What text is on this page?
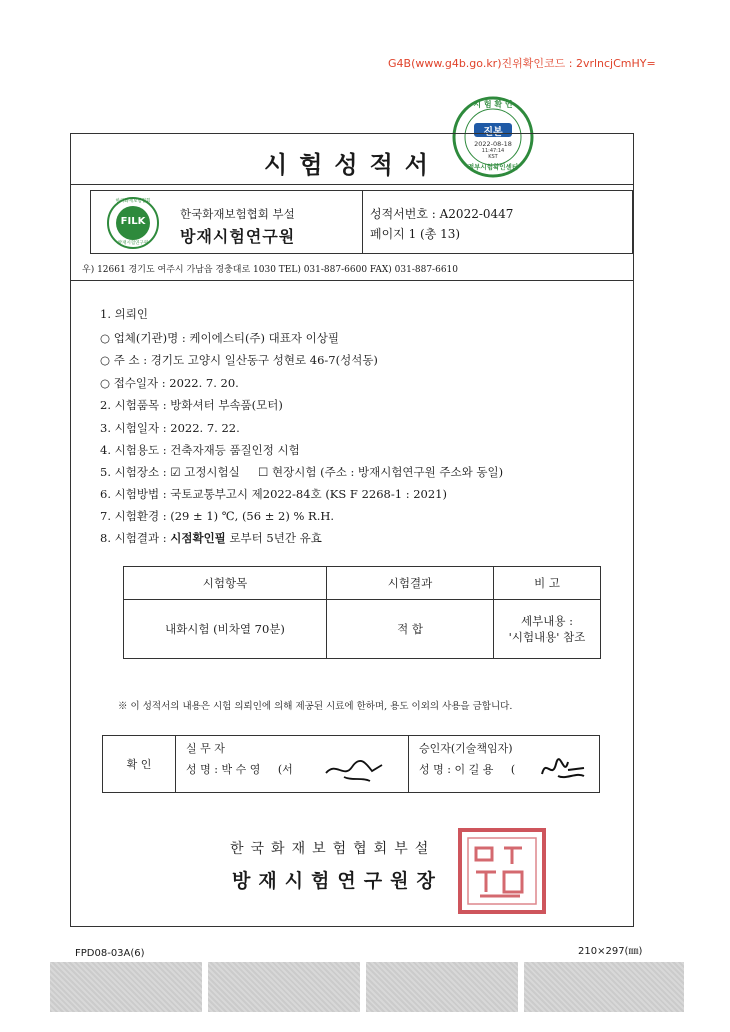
G4B(www.g4b.go.kr)진위확인코드 : 2vrlncjCmHY=
시 험 확 인
진본
2022-08-18
11:47:14
KST
정부시험확인센터
시험성적서
FILK
한국화재보험협회
방재시험연구원
한국화재보험협회 부설
방재시험연구원
성적서번호 : A2022-0447
페이지 1 (총 13)
우) 12661 경기도 여주시 가남읍 경충대로 1030 TEL) 031-887-6600 FAX) 031-887-6610
1. 의뢰인
○ 업체(기관)명 : 케이에스티(주) 대표자 이상필
○ 주 소 : 경기도 고양시 일산동구 성현로 46-7(성석동)
○ 접수일자 : 2022. 7. 20.
2. 시험품목 : 방화셔터 부속품(모터)
3. 시험일자 : 2022. 7. 22.
4. 시험용도 : 건축자재등 품질인정 시험
5. 시험장소 : ☑ 고정시험실 ☐ 현장시험 (주소 : 방재시험연구원 주소와 동일)
6. 시험방법 : 국토교통부고시 제2022-84호 (KS F 2268-1 : 2021)
7. 시험환경 : (29 ± 1) ℃, (56 ± 2) % R.H.
8. 시험결과 : 시점확인필 로부터 5년간 유효
시험항목	시험결과	비 고
내화시험 (비차열 70분)	적 합	세부내용 :
'시험내용' 참조
※ 이 성적서의 내용은 시험 의뢰인에 의해 제공된 시료에 한하며, 용도 이외의 사용을 금합니다.
확 인	
실 무 자
성 명 : 박 수 영 (서

승인자(기술책임자)
성 명 : 이 길 용 (
한국화재보험협회부설
방재시험연구원장
FPD08-03A(6)	210×297(㎜)
